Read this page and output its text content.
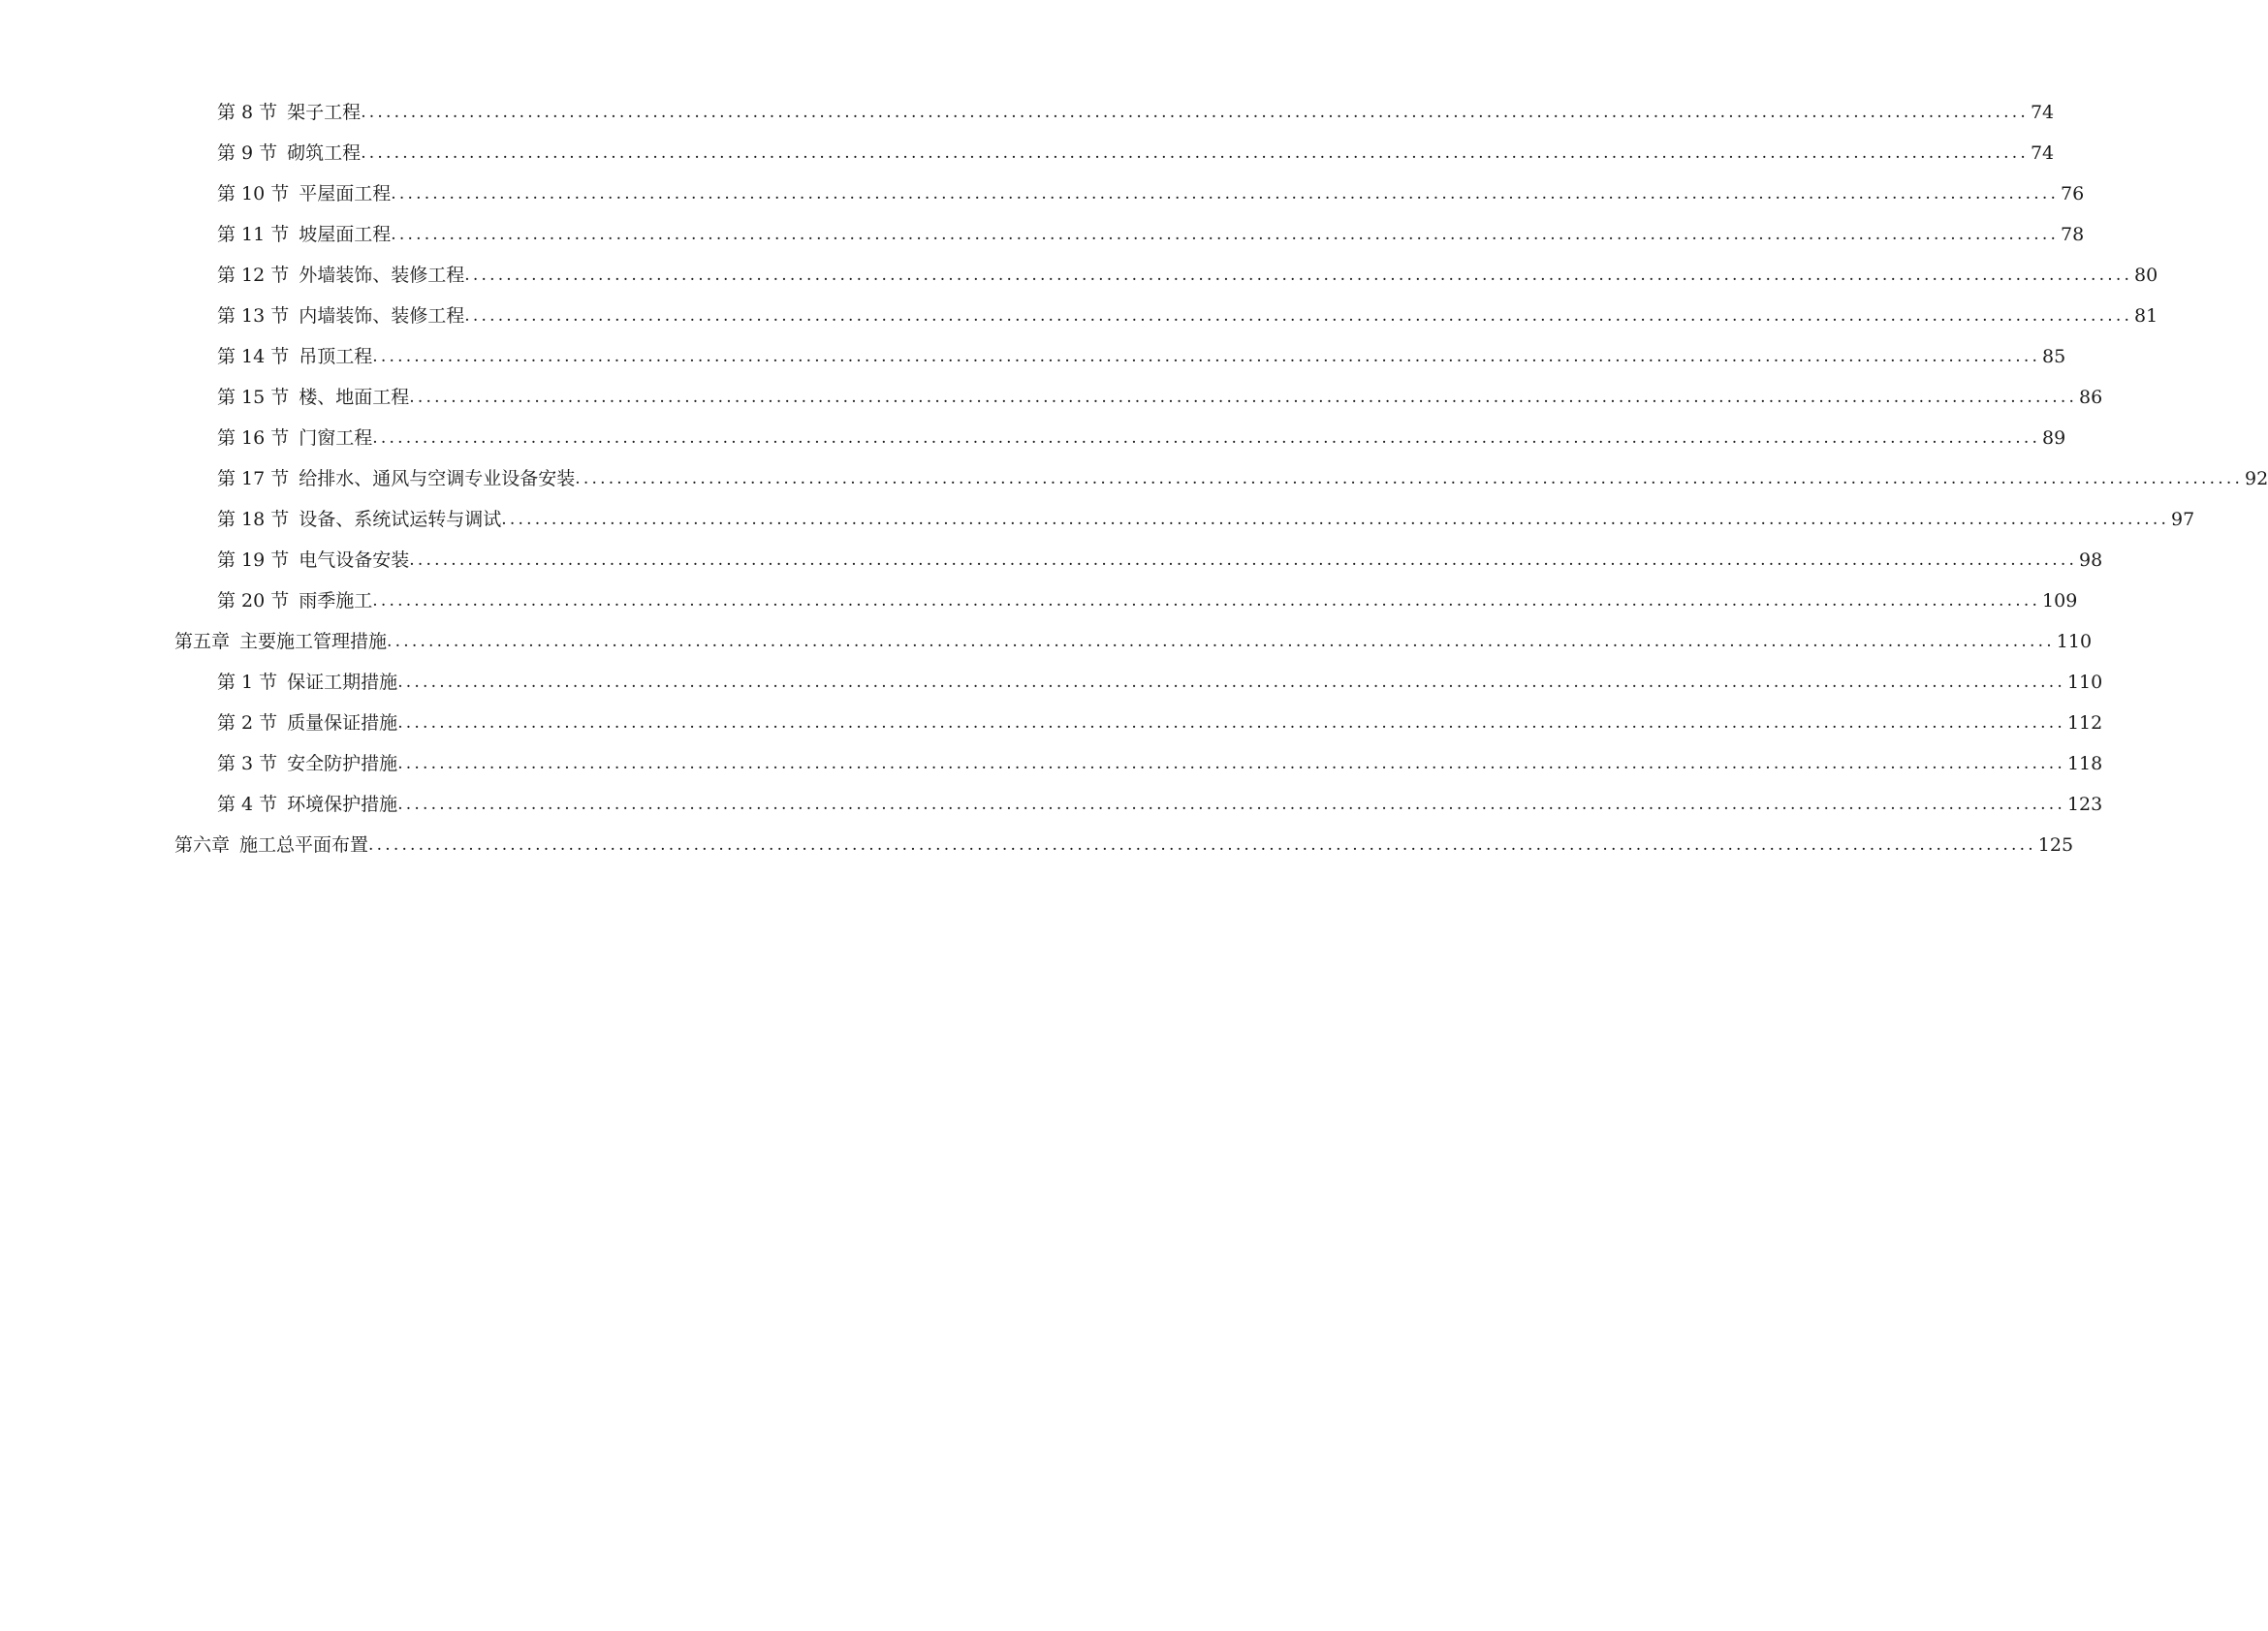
第 8 节 架子工程 ........................................................................................................................................................................................................ 74
第 9 节 砌筑工程 ........................................................................................................................................................................................................ 74
第 10 节 平屋面工程 ........................................................................................................................................................................................................ 76
第 11 节 坡屋面工程 ........................................................................................................................................................................................................ 78
第 12 节 外墙装饰、装修工程 ........................................................................................................................................................................................................ 80
第 13 节 内墙装饰、装修工程 ........................................................................................................................................................................................................ 81
第 14 节 吊顶工程 ........................................................................................................................................................................................................ 85
第 15 节 楼、地面工程 ........................................................................................................................................................................................................ 86
第 16 节 门窗工程 ........................................................................................................................................................................................................ 89
第 17 节 给排水、通风与空调专业设备安装 ........................................................................................................................................................................................................ 92
第 18 节 设备、系统试运转与调试 ........................................................................................................................................................................................................ 97
第 19 节 电气设备安装 ........................................................................................................................................................................................................ 98
第 20 节 雨季施工 ........................................................................................................................................................................................................ 109
第五章 主要施工管理措施 ........................................................................................................................................................................................................ 110
第 1 节 保证工期措施 ........................................................................................................................................................................................................ 110
第 2 节 质量保证措施 ........................................................................................................................................................................................................ 112
第 3 节 安全防护措施 ........................................................................................................................................................................................................ 118
第 4 节 环境保护措施 ........................................................................................................................................................................................................ 123
第六章 施工总平面布置 ........................................................................................................................................................................................................ 125
